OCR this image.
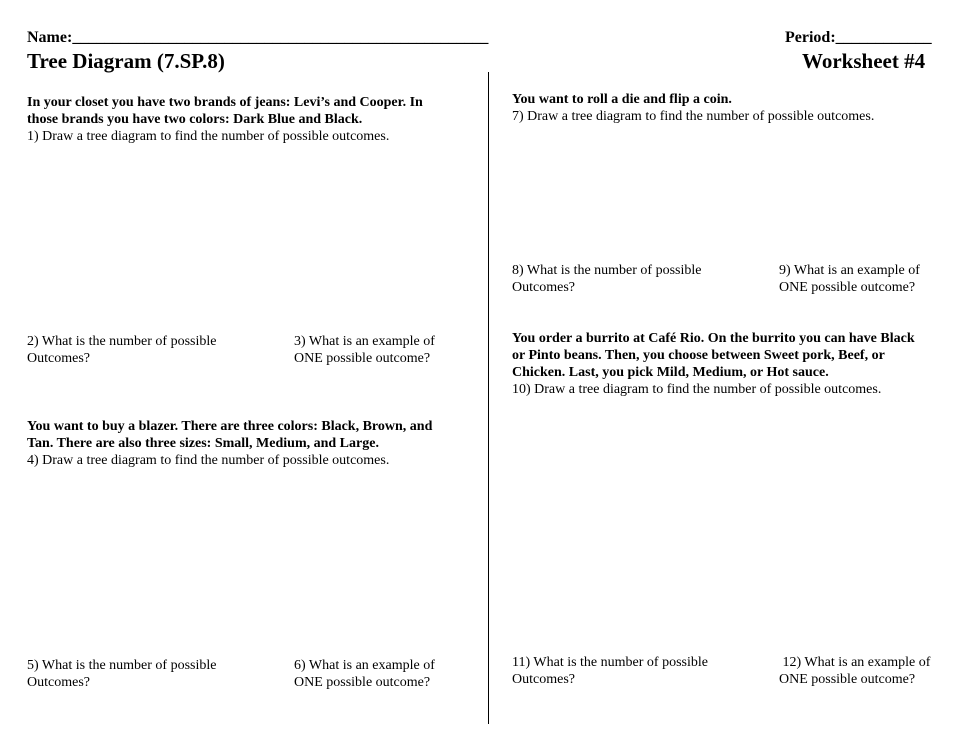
Name:____________________________________________________	Period:____________
Tree Diagram (7.SP.8)	Worksheet #4
In your closet you have two brands of jeans: Levi’s and Cooper. In
those brands you have two colors: Dark Blue and Black.
1) Draw a tree diagram to find the number of possible outcomes.
2) What is the number of possible
Outcomes?
3) What is an example of
ONE possible outcome?
You want to buy a blazer. There are three colors: Black, Brown, and
Tan. There are also three sizes: Small, Medium, and Large.
4) Draw a tree diagram to find the number of possible outcomes.
5) What is the number of possible
Outcomes?
6) What is an example of
ONE possible outcome?
You want to roll a die and flip a coin.
7) Draw a tree diagram to find the number of possible outcomes.
8) What is the number of possible
Outcomes?
9) What is an example of
ONE possible outcome?
You order a burrito at Café Rio. On the burrito you can have Black
or Pinto beans. Then, you choose between Sweet pork, Beef, or
Chicken. Last, you pick Mild, Medium, or Hot sauce.
10) Draw a tree diagram to find the number of possible outcomes.
11) What is the number of possible
Outcomes?
12) What is an example of
ONE possible outcome?
